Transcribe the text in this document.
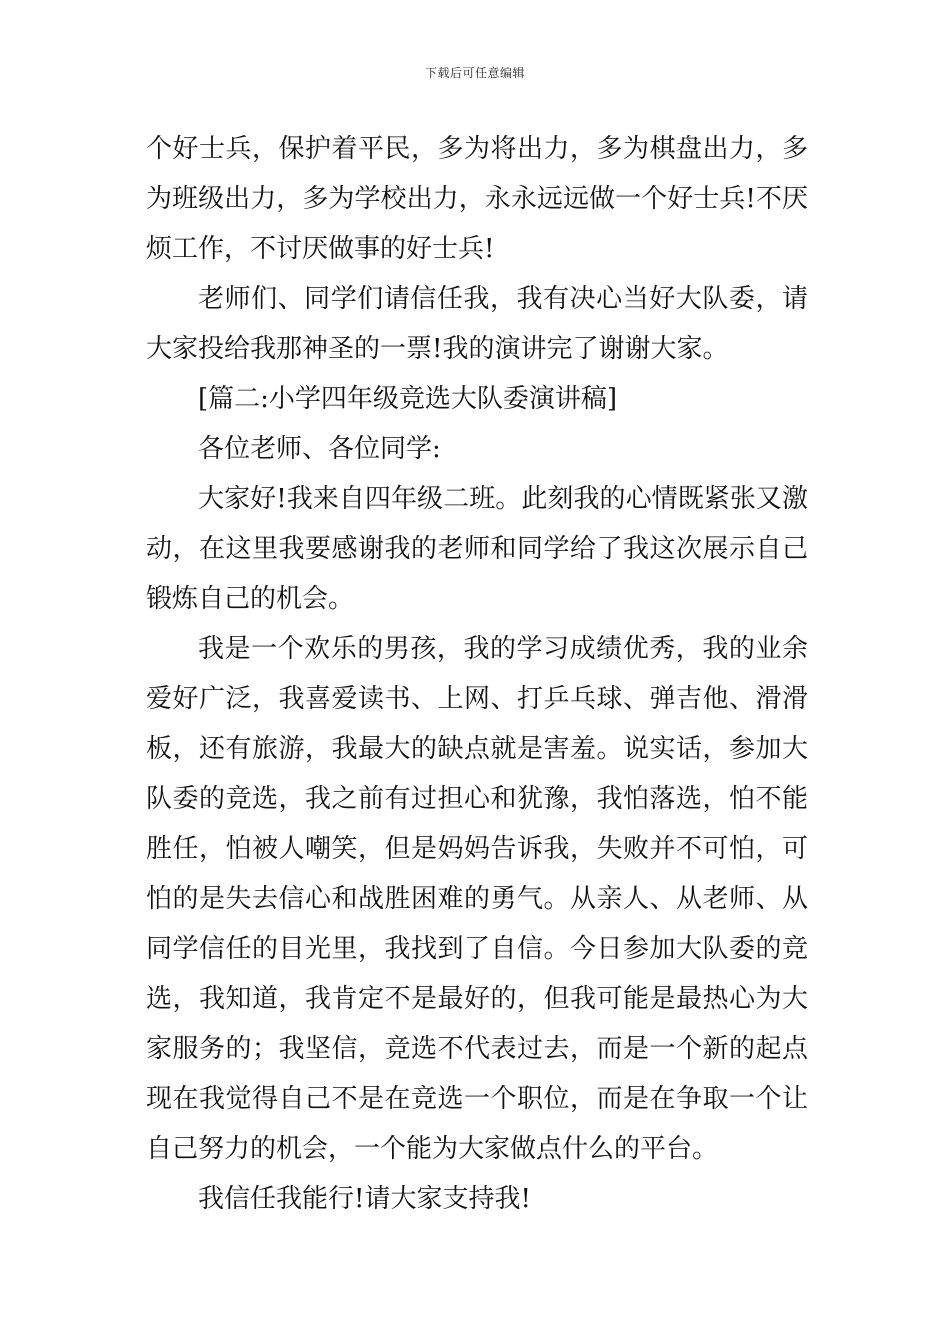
下载后可任意编辑
个好士兵，保护着平民，多为将出力，多为棋盘出力，多
为班级出力，多为学校出力，永永远远做一个好士兵!不厌
烦工作，不讨厌做事的好士兵!
老师们、同学们请信任我，我有决心当好大队委，请
大家投给我那神圣的一票!我的演讲完了谢谢大家。
[篇二:小学四年级竞选大队委演讲稿]
各位老师、各位同学:
大家好!我来自四年级二班。此刻我的心情既紧张又激
动，在这里我要感谢我的老师和同学给了我这次展示自己
锻炼自己的机会。
我是一个欢乐的男孩，我的学习成绩优秀，我的业余
爱好广泛，我喜爱读书、上网、打乒乓球、弹吉他、滑滑
板，还有旅游，我最大的缺点就是害羞。说实话，参加大
队委的竞选，我之前有过担心和犹豫，我怕落选，怕不能
胜任，怕被人嘲笑，但是妈妈告诉我，失败并不可怕，可
怕的是失去信心和战胜困难的勇气。从亲人、从老师、从
同学信任的目光里，我找到了自信。今日参加大队委的竞
选，我知道，我肯定不是最好的，但我可能是最热心为大
家服务的；我坚信，竞选不代表过去，而是一个新的起点
现在我觉得自己不是在竞选一个职位，而是在争取一个让
自己努力的机会，一个能为大家做点什么的平台。
我信任我能行!请大家支持我!
